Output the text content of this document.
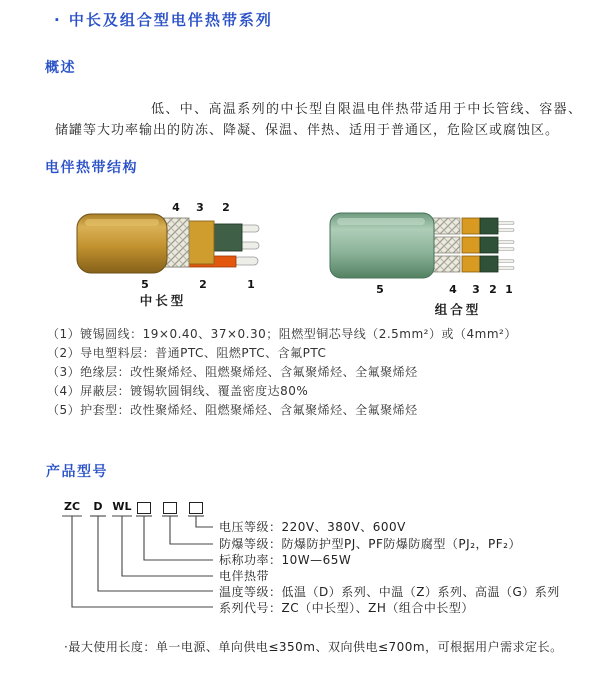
· 中长及组合型电伴热带系列
概述
低、中、高温系列的中长型自限温电伴热带适用于中长管线、容器、储罐等大功率输出的防冻、降凝、保温、伴热、适用于普通区，危险区或腐蚀区。
电伴热带结构
4 3 2
5	2	1
中长型
5	4 3 2 1
组合型
（1）镀锡圆线：19×0.40、37×0.30；阻燃型铜芯导线（2.5mm²）或（4mm²）
（2）导电塑料层：普通PTC、阻燃PTC、含氟PTC
（3）绝缘层：改性聚烯烃、阻燃聚烯烃、含氟聚烯烃、全氟聚烯烃
（4）屏蔽层：镀锡软圆铜线、覆盖密度达80%
（5）护套型：改性聚烯烃、阻燃聚烯烃、含氟聚烯烃、全氟聚烯烃
产品型号
ZC	D WL
电压等级：220V、380V、600V
防爆等级：防爆防护型PJ、PF防爆防腐型（PJ₂，PF₂）
标称功率：10W—65W
电伴热带
温度等级：低温（D）系列、中温（Z）系列、高温（G）系列
系列代号：ZC（中长型）、ZH（组合中长型）
·最大使用长度：单一电源、单向供电≤350m、双向供电≤700m，可根据用户需求定长。
